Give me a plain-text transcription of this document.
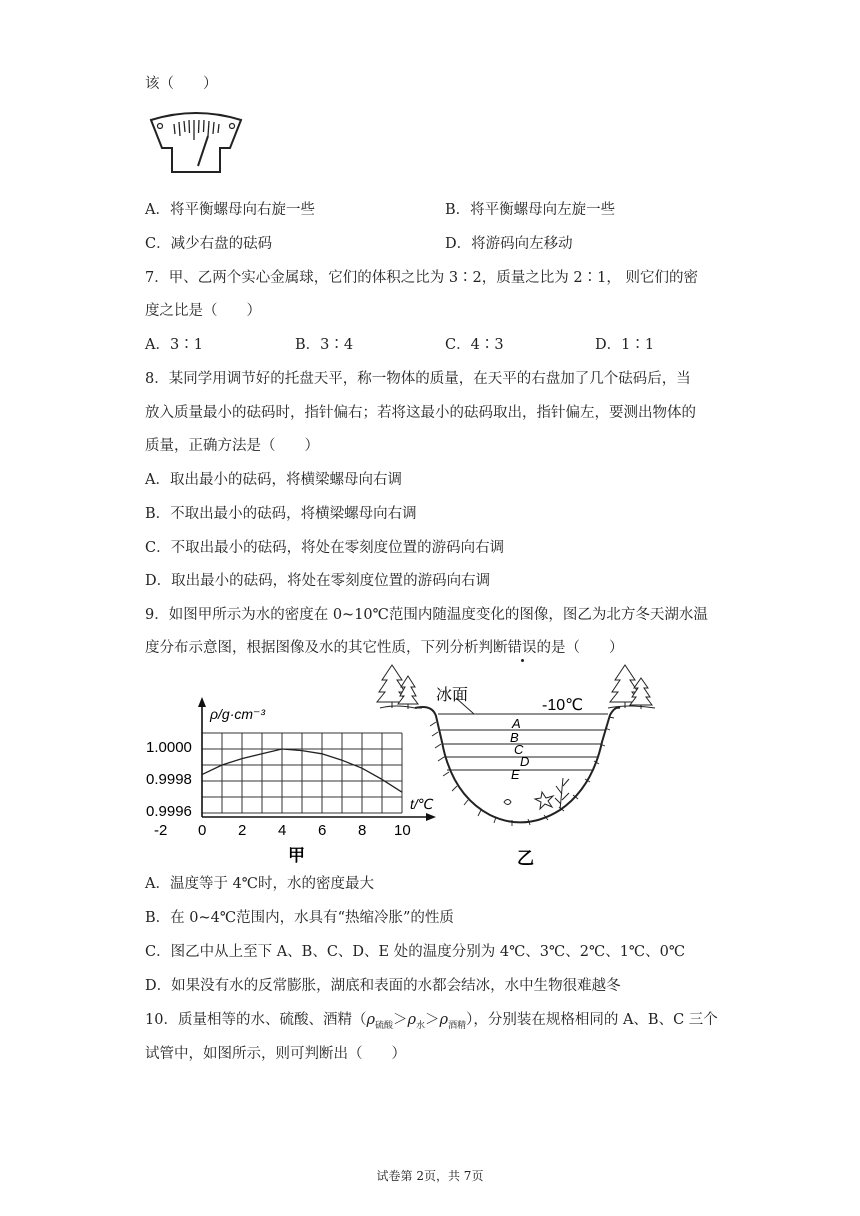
该（　　）
A．将平衡螺母向右旋一些	B．将平衡螺母向左旋一些
C．减少右盘的砝码	D．将游码向左移动
7．甲、乙两个实心金属球，它们的体积之比为 3∶2，质量之比为 2∶1， 则它们的密
度之比是（　　）
A．3∶1	B．3∶4	C．4∶3	D．1∶1
8．某同学用调节好的托盘天平，称一物体的质量，在天平的右盘加了几个砝码后，当
放入质量最小的砝码时，指针偏右；若将这最小的砝码取出，指针偏左，要测出物体的
质量，正确方法是（　　）
A．取出最小的砝码，将横梁螺母向右调
B．不取出最小的砝码，将横梁螺母向右调
C．不取出最小的砝码，将处在零刻度位置的游码向右调
D．取出最小的砝码，将处在零刻度位置的游码向右调
9．如图甲所示为水的密度在 0~10℃范围内随温度变化的图像，图乙为北方冬天湖水温
度分布示意图，根据图像及水的其它性质，下列分析判断错误的是（　　）
ρ/g·cm⁻³
1.0000
0.9998
0.9996	t/℃
-2 0 2 4 6 8 10
甲
冰面
-10℃
A
B
C
D
E
乙
A．温度等于 4℃时，水的密度最大
B．在 0~4℃范围内，水具有“热缩冷胀”的性质
C．图乙中从上至下 A、B、C、D、E 处的温度分别为 4℃、3℃、2℃、1℃、0℃
D．如果没有水的反常膨胀，湖底和表面的水都会结冰，水中生物很难越冬
10．质量相等的水、硫酸、酒精$(\rho_{硫酸}>\rho_水>\rho_{酒精})$，分别装在规格相同的 A、B、C 三个
试管中，如图所示，则可判断出（　　）
试卷第 2页，共 7页
